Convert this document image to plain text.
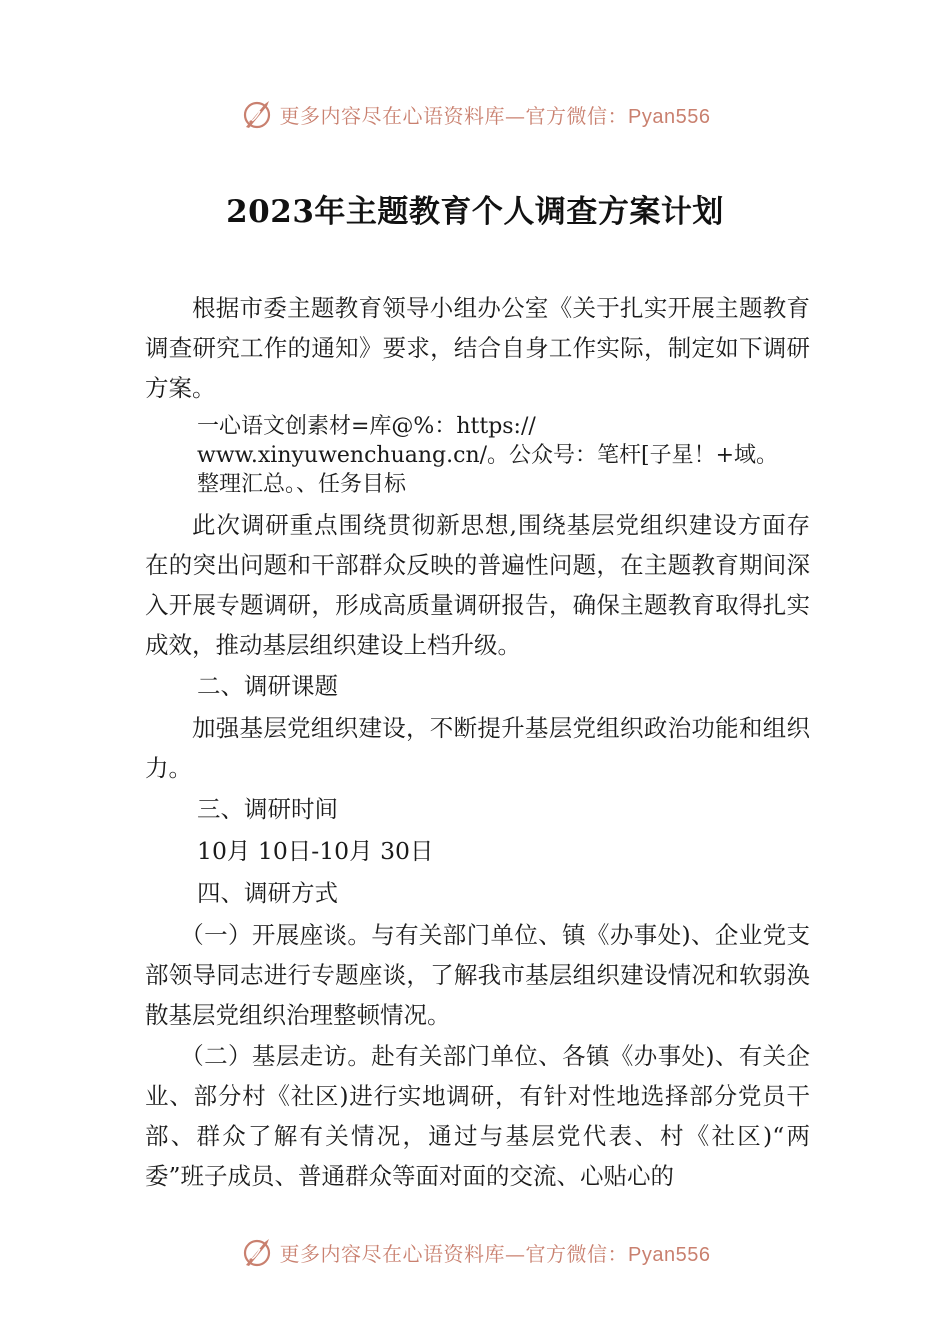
更多内容尽在心语资料库—官方微信：Pyan556
2023年主题教育个人调查方案计划

根据市委主题教育领导小组办公室《关于扎实开展主题教育调查研究工作的通知》要求，结合自身工作实际，制定如下调研方案。

一心语文创素材=库@%：https://
www.xinyuwenchuang.cn/。公众号：笔杆[子星！+域。
整理汇总。、任务目标

此次调研重点围绕贯彻新思想,围绕基层党组织建设方面存在的突出问题和干部群众反映的普遍性问题，在主题教育期间深入开展专题调研，形成高质量调研报告，确保主题教育取得扎实成效，推动基层组织建设上档升级。

二、调研课题

加强基层党组织建设，不断提升基层党组织政治功能和组织力。

三、调研时间
10月 10日-10月 30日
四、调研方式

（一）开展座谈。与有关部门单位、镇《办事处)、企业党支部领导同志进行专题座谈，了解我市基层组织建设情况和软弱涣散基层党组织治理整顿情况。

（二）基层走访。赴有关部门单位、各镇《办事处)、有关企业、部分村《社区)进行实地调研，有针对性地选择部分党员干部、群众了解有关情况，通过与基层党代表、村《社区)“两委”班子成员、普通群众等面对面的交流、心贴心的

更多内容尽在心语资料库—官方微信：Pyan556
